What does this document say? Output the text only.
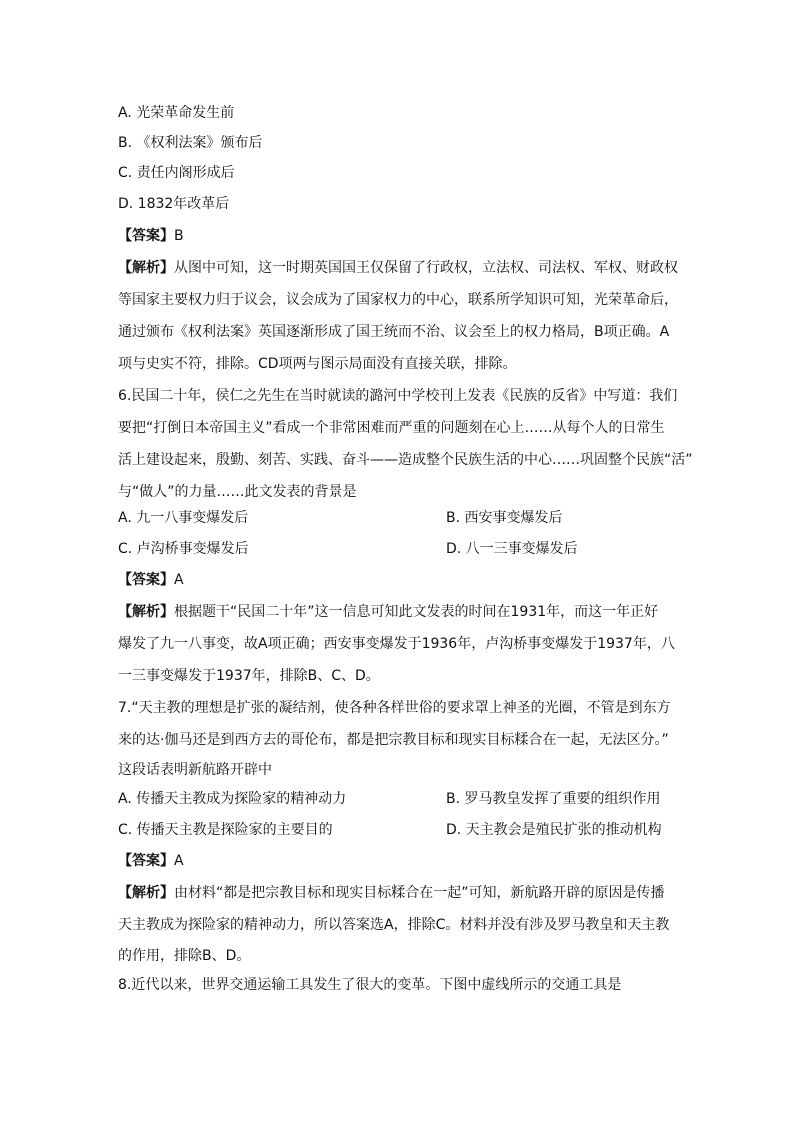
A. 光荣革命发生前
B. 《权利法案》颁布后
C. 责任内阁形成后
D. 1832年改革后
【答案】B
【解析】从图中可知，这一时期英国国王仅保留了行政权，立法权、司法权、军权、财政权
等国家主要权力归于议会，议会成为了国家权力的中心，联系所学知识可知，光荣革命后，
通过颁布《权利法案》英国逐渐形成了国王统而不治、议会至上的权力格局，B项正确。A
项与史实不符，排除。CD项两与图示局面没有直接关联，排除。
6.民国二十年，侯仁之先生在当时就读的潞河中学校刊上发表《民族的反省》中写道：我们
要把“打倒日本帝国主义”看成一个非常困难而严重的问题刻在心上……从每个人的日常生
活上建设起来，殷勤、刻苦、实践、奋斗——造成整个民族生活的中心……巩固整个民族“活”
与“做人”的力量……此文发表的背景是
A. 九一八事变爆发后	B. 西安事变爆发后
C. 卢沟桥事变爆发后	D. 八一三事变爆发后
【答案】A
【解析】根据题干“民国二十年”这一信息可知此文发表的时间在1931年，而这一年正好
爆发了九一八事变，故A项正确；西安事变爆发于1936年，卢沟桥事变爆发于1937年，八
一三事变爆发于1937年，排除B、C、D。
7.“天主教的理想是扩张的凝结剂，使各种各样世俗的要求罩上神圣的光圈，不管是到东方
来的达·伽马还是到西方去的哥伦布，都是把宗教目标和现实目标糅合在一起，无法区分。”
这段话表明新航路开辟中
A. 传播天主教成为探险家的精神动力	B. 罗马教皇发挥了重要的组织作用
C. 传播天主教是探险家的主要目的	D. 天主教会是殖民扩张的推动机构
【答案】A
【解析】由材料“都是把宗教目标和现实目标糅合在一起”可知，新航路开辟的原因是传播
天主教成为探险家的精神动力，所以答案选A，排除C。材料并没有涉及罗马教皇和天主教
的作用，排除B、D。
8.近代以来，世界交通运输工具发生了很大的变革。下图中虚线所示的交通工具是
